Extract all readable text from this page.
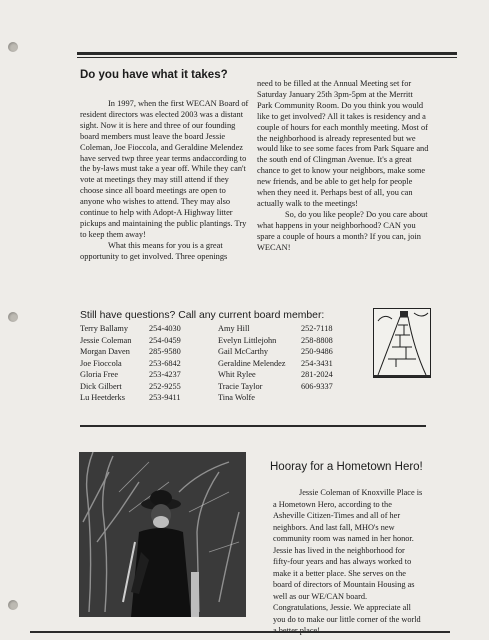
Do you have what it takes?

In 1997, when the first WECAN Board of resident directors was elected 2003 was a distant sight. Now it is here and three of our founding board members must leave the board Jessie Coleman, Joe Fioccola, and Geraldine Melendez have served twp three year terms andaccording to the by-laws must take a year off. While they can't vote at meetings they may still attend if they choose since all board meetings are open to anyone who wishes to attend. They may also continue to help with Adopt-A Highway litter pickups and maintaining the public plantings. Try to keep them away!

What this means for you is a great opportunity to get involved. Three openings

need to be filled at the Annual Meeting set for Saturday January 25th 3pm-5pm at the Merritt Park Community Room. Do you think you would like to get involved? All it takes is residency and a couple of hours for each monthly meeting. Most of the neighborhood is already represented but we would like to see some faces from Park Square and the south end of Clingman Avenue. It's a great chance to get to know your neighbors, make some new friends, and be able to get help for people when they need it. Perhaps best of all, you can actually walk to the meetings!

So, do you like people? Do you care about what happens in your neighborhood? CAN you spare a couple of hours a month? If you can, join WECAN!

Still have questions? Call any current board member:
Terry Ballamy	254-4030
Jessie Coleman	254-0459
Morgan Daven	285-9580
Joe Fioccola	253-6842
Gloria Free	253-4237
Dick Gilbert	252-9255
Lu Heetderks	253-9411
Amy Hill	252-7118
Evelyn Littlejohn	258-8808
Gail McCarthy	250-9486
Geraldine Melendez	254-3431
Whit Rylee	281-2024
Tracie Taylor	606-9337
Tina Wolfe
Hooray for a Hometown Hero!
Jessie Coleman of Knoxville Place is a Hometown Hero, according to the Asheville Citizen-Times and all of her neighbors. And last fall, MHO's new community room was named in her honor. Jessie has lived in the neighborhood for fifty-four years and has always worked to make it a better place. She serves on the board of directors of Mountain Housing as well as our WE/CAN board. Congratulations, Jessie. We appreciate all you do to make our little corner of the world
